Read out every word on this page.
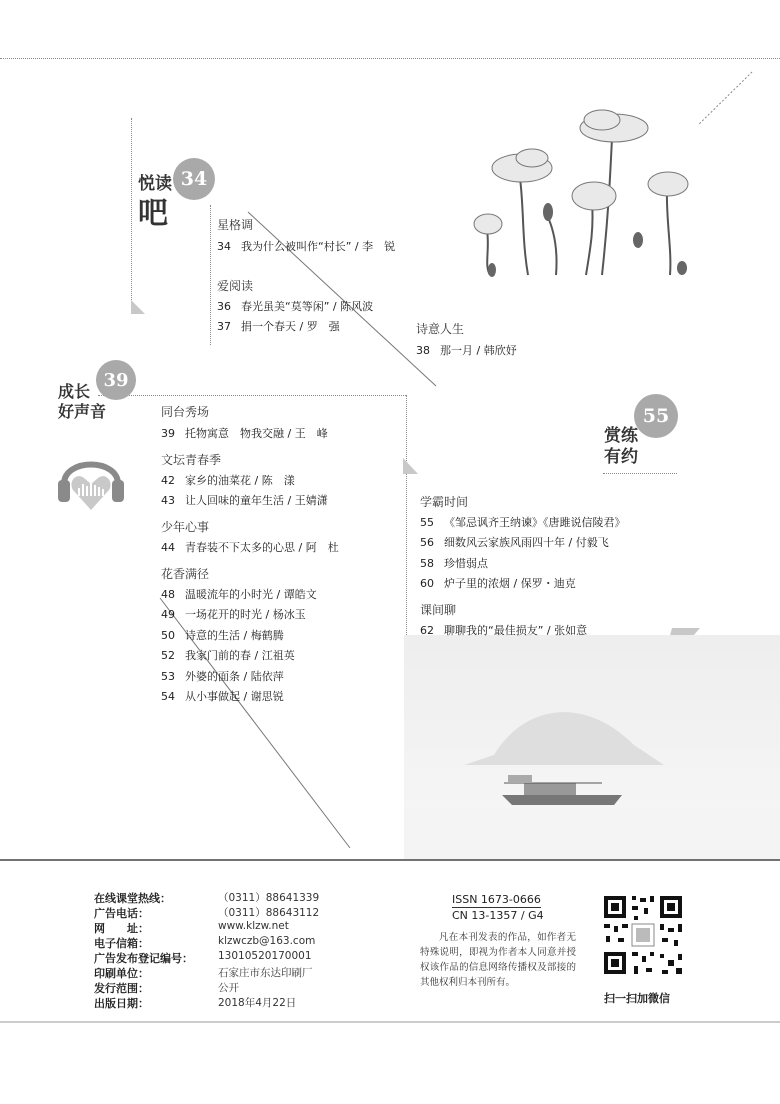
34
悦读
吧	星格调
34 我为什么被叫作“村长” / 李　锐
爱阅读
36 春光虽美“莫等闲” / 陈风波
37 捐一个春天 / 罗　强	诗意人生
38 那一月 / 韩欣妤
39
成长
好声音	同台秀场
39 托物寓意　物我交融 / 王　峰
文坛青春季
42 家乡的油菜花 / 陈　漾
43 让人回味的童年生活 / 王婧潇
少年心事
44 青春装不下太多的心思 / 阿　杜
花香满径
48 温暖流年的小时光 / 谭皓文
49 一场花开的时光 / 杨冰玉
50 诗意的生活 / 梅鹤腾
52 我家门前的春 / 江祖英
53 外婆的面条 / 陆依萍
54 从小事做起 / 谢思锐
55
赏练
有约
学霸时间
55 《邹忌讽齐王纳谏》《唐雎说信陵君》
56 细数风云家族风雨四十年 / 付毅飞
58 珍惜弱点
60 炉子里的浓烟 / 保罗・迪克
课间聊
62 聊聊我的“最佳损友” / 张如意
在线课堂热线：	（0311）88641339
广告电话：	（0311）88643112
网　　址：	www.klzw.net
电子信箱：	klzwczb@163.com
广告发布登记编号： 13010520170001
印刷单位：	石家庄市东达印刷厂
发行范围：	公开
出版日期：	2018年4月22日
ISSN 1673-0666
CN 13-1357 / G4
凡在本刊发表的作品，如作者无特殊说明，即视为作者本人同意并授权该作品的信息网络传播权及部接的其他权利归本刊所有。
扫一扫加微信
